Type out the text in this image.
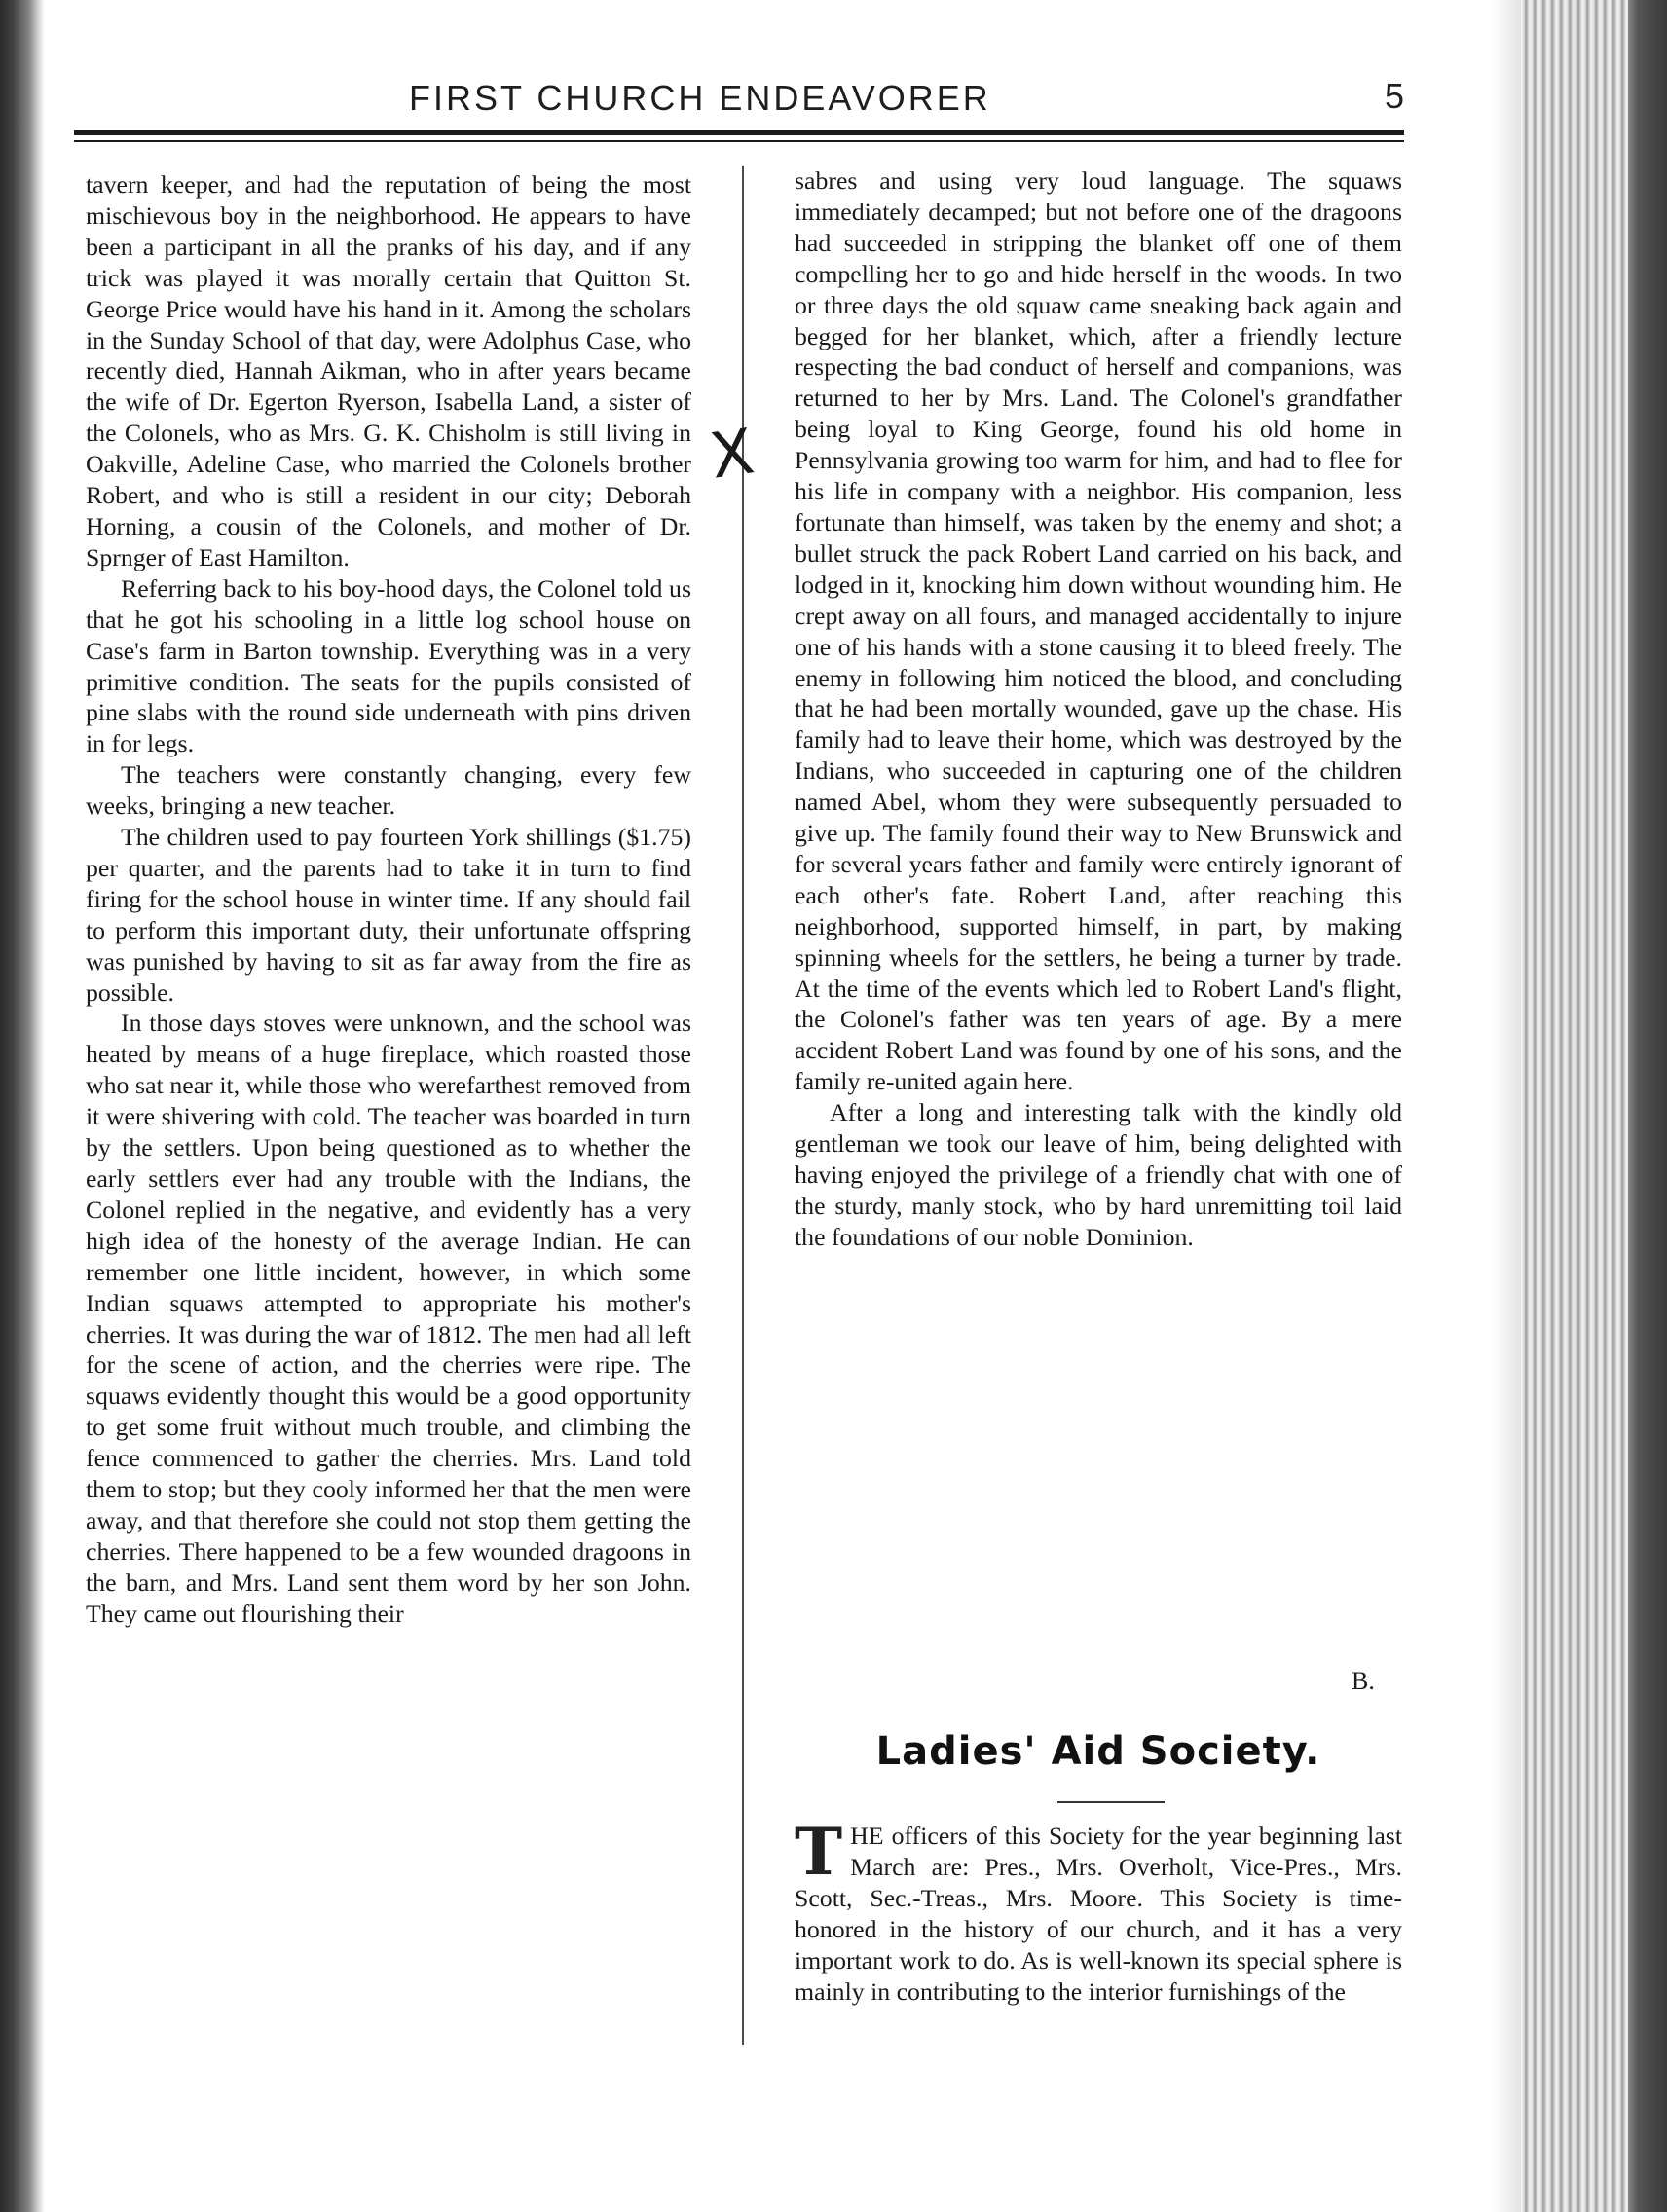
FIRST CHURCH ENDEAVORER	5
X

tavern keeper, and had the reputation of being the most mischievous boy in the neighborhood. He appears to have been a participant in all the pranks of his day, and if any trick was played it was morally certain that Quitton St. George Price would have his hand in it. Among the scholars in the Sunday School of that day, were Adolphus Case, who recently died, Hannah Aikman, who in after years became the wife of Dr. Egerton Ryerson, Isabella Land, a sister of the Colonels, who as Mrs. G. K. Chisholm is still living in Oakville, Adeline Case, who married the Colonels brother Robert, and who is still a resident in our city; Deborah Horning, a cousin of the Colonels, and mother of Dr. Sprnger of East Hamilton.

Referring back to his boy-hood days, the Colonel told us that he got his schooling in a little log school house on Case's farm in Barton township. Everything was in a very primitive condition. The seats for the pupils consisted of pine slabs with the round side underneath with pins driven in for legs.

The teachers were constantly changing, every few weeks, bringing a new teacher.

The children used to pay fourteen York shillings ($1.75) per quarter, and the parents had to take it in turn to find firing for the school house in winter time. If any should fail to perform this important duty, their unfortunate offspring was punished by having to sit as far away from the fire as possible.

In those days stoves were unknown, and the school was heated by means of a huge fireplace, which roasted those who sat near it, while those who werefarthest removed from it were shivering with cold. The teacher was boarded in turn by the settlers. Upon being questioned as to whether the early settlers ever had any trouble with the Indians, the Colonel replied in the negative, and evidently has a very high idea of the honesty of the average Indian. He can remember one little incident, however, in which some Indian squaws attempted to appropriate his mother's cherries. It was during the war of 1812. The men had all left for the scene of action, and the cherries were ripe. The squaws evidently thought this would be a good opportunity to get some fruit without much trouble, and climbing the fence commenced to gather the cherries. Mrs. Land told them to stop; but they cooly informed her that the men were away, and that therefore she could not stop them getting the cherries. There happened to be a few wounded dragoons in the barn, and Mrs. Land sent them word by her son John. They came out flourishing their

sabres and using very loud language. The squaws immediately decamped; but not before one of the dragoons had succeeded in stripping the blanket off one of them compelling her to go and hide herself in the woods. In two or three days the old squaw came sneaking back again and begged for her blanket, which, after a friendly lecture respecting the bad conduct of herself and companions, was returned to her by Mrs. Land. The Colonel's grandfather being loyal to King George, found his old home in Pennsylvania growing too warm for him, and had to flee for his life in company with a neighbor. His companion, less fortunate than himself, was taken by the enemy and shot; a bullet struck the pack Robert Land carried on his back, and lodged in it, knocking him down without wounding him. He crept away on all fours, and managed accidentally to injure one of his hands with a stone causing it to bleed freely. The enemy in following him noticed the blood, and concluding that he had been mortally wounded, gave up the chase. His family had to leave their home, which was destroyed by the Indians, who succeeded in capturing one of the children named Abel, whom they were subsequently persuaded to give up. The family found their way to New Brunswick and for several years father and family were entirely ignorant of each other's fate. Robert Land, after reaching this neighborhood, supported himself, in part, by making spinning wheels for the settlers, he being a turner by trade. At the time of the events which led to Robert Land's flight, the Colonel's father was ten years of age. By a mere accident Robert Land was found by one of his sons, and the family re-united again here.

After a long and interesting talk with the kindly old gentleman we took our leave of him, being delighted with having enjoyed the privilege of a friendly chat with one of the sturdy, manly stock, who by hard unremitting toil laid the foundations of our noble Dominion.

B.
Ladies' Aid Society.
T HE officers of this Society for the year beginning last March are: Pres., Mrs. Overholt, Vice-Pres., Mrs. Scott, Sec.-Treas., Mrs. Moore. This Society is time-honored in the history of our church, and it has a very important work to do. As is well-known its special sphere is mainly in contributing to the interior furnishings of the
